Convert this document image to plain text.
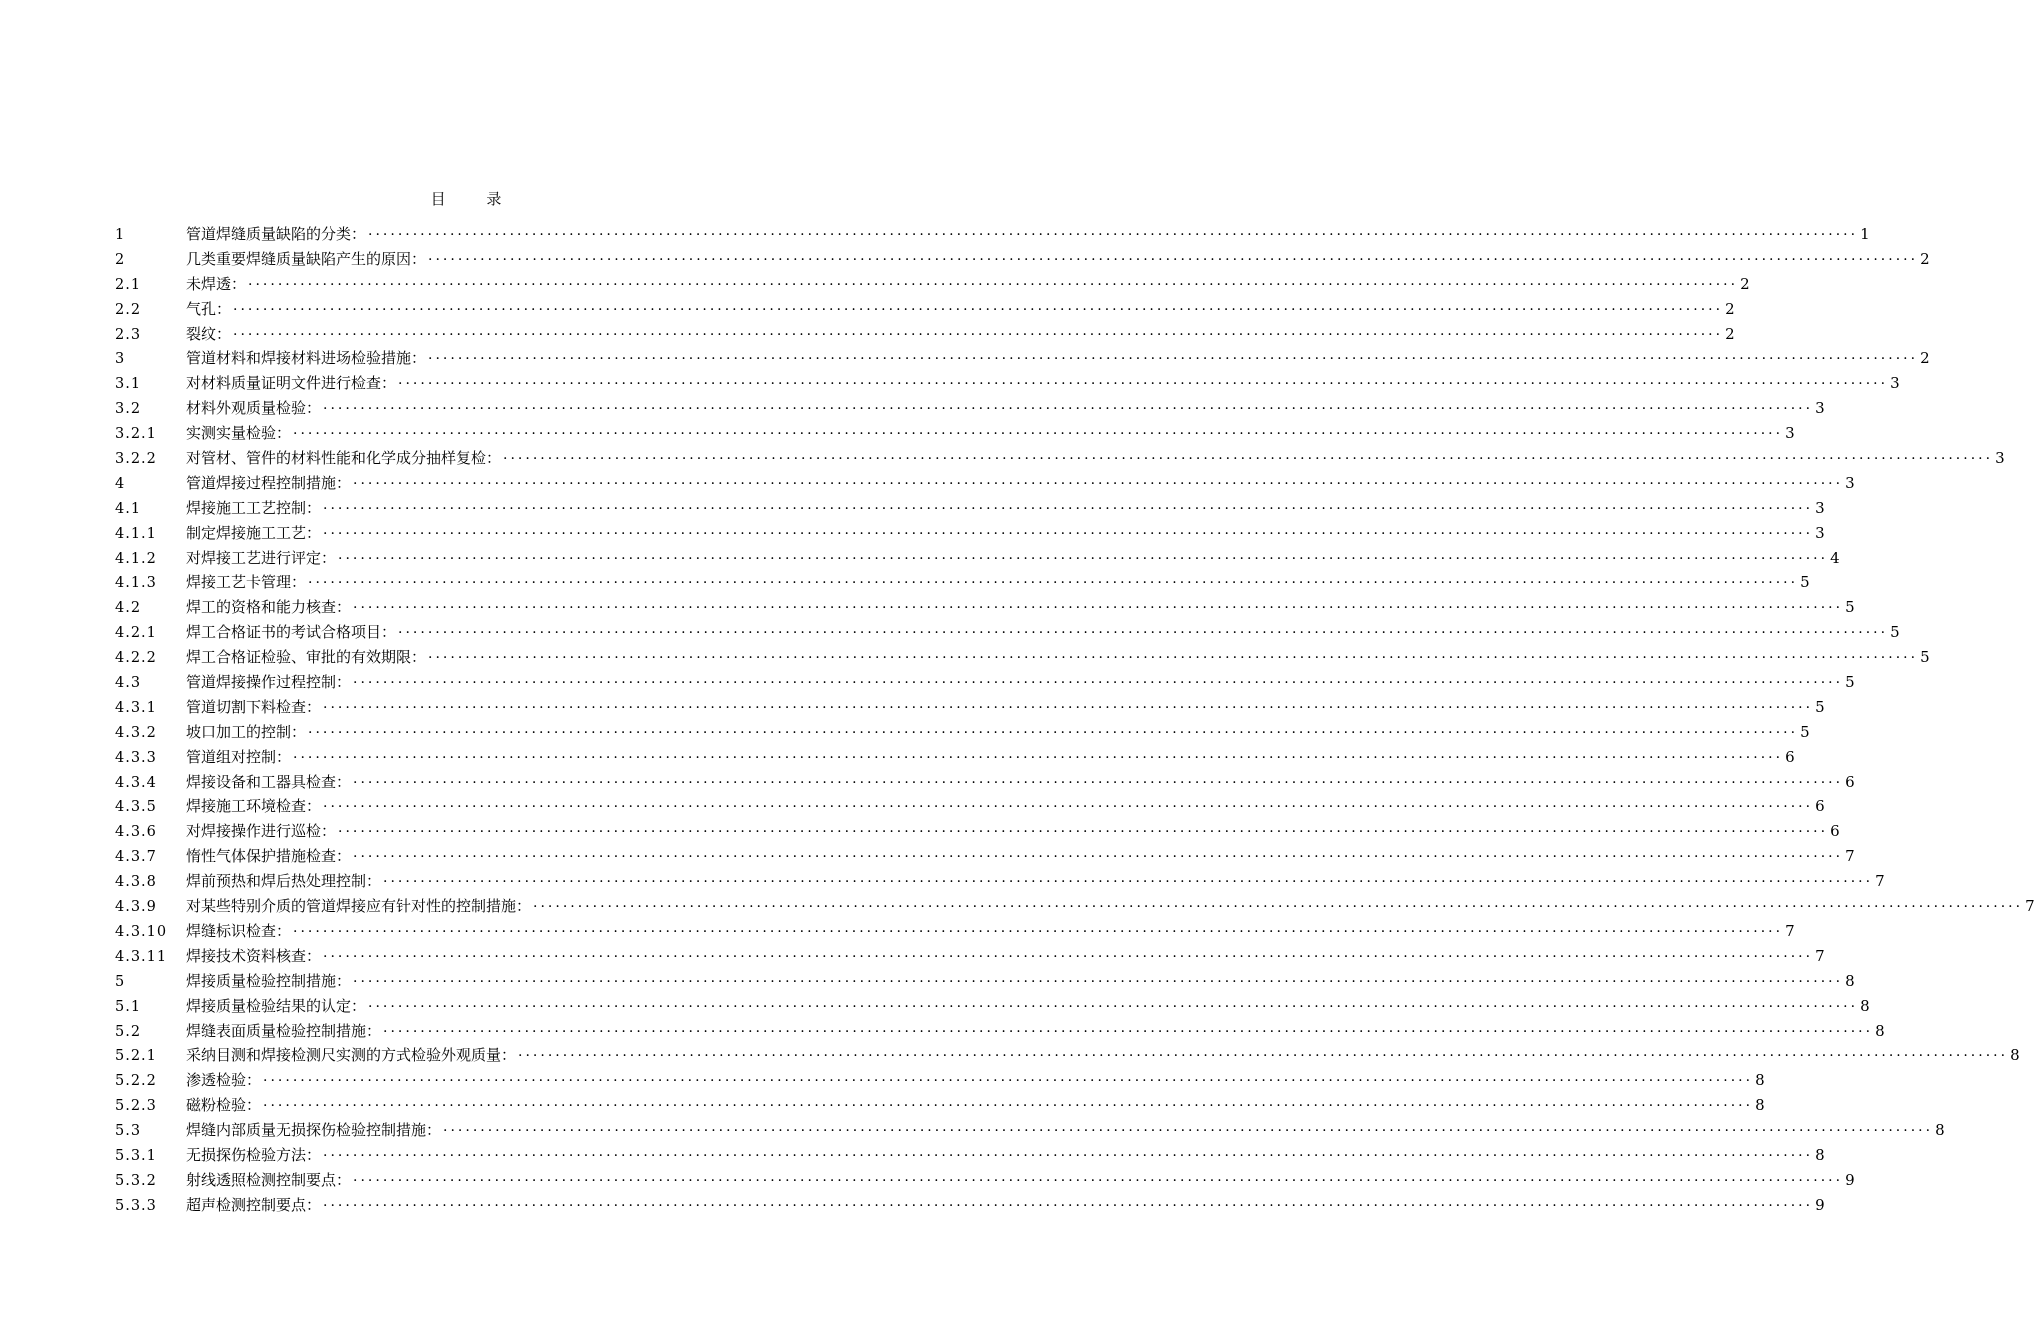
目 录
1	管道焊缝质量缺陷的分类： ········································································································································································································ 1
2	几类重要焊缝质量缺陷产生的原因： ········································································································································································································ 2
2.1	未焊透： ········································································································································································································ 2
2.2	气孔： ········································································································································································································ 2
2.3	裂纹： ········································································································································································································ 2
3	管道材料和焊接材料进场检验措施： ········································································································································································································ 2
3.1	对材料质量证明文件进行检查： ········································································································································································································ 3
3.2	材料外观质量检验： ········································································································································································································ 3
3.2.1	实测实量检验： ········································································································································································································ 3
3.2.2	对管材、管件的材料性能和化学成分抽样复检： ········································································································································································································ 3
4	管道焊接过程控制措施： ········································································································································································································ 3
4.1	焊接施工工艺控制： ········································································································································································································ 3
4.1.1	制定焊接施工工艺： ········································································································································································································ 3
4.1.2	对焊接工艺进行评定： ········································································································································································································ 4
4.1.3	焊接工艺卡管理： ········································································································································································································ 5
4.2	焊工的资格和能力核查： ········································································································································································································ 5
4.2.1	焊工合格证书的考试合格项目： ········································································································································································································ 5
4.2.2	焊工合格证检验、审批的有效期限： ········································································································································································································ 5
4.3	管道焊接操作过程控制： ········································································································································································································ 5
4.3.1	管道切割下料检查： ········································································································································································································ 5
4.3.2	坡口加工的控制： ········································································································································································································ 5
4.3.3	管道组对控制： ········································································································································································································ 6
4.3.4	焊接设备和工器具检查： ········································································································································································································ 6
4.3.5	焊接施工环境检查： ········································································································································································································ 6
4.3.6	对焊接操作进行巡检： ········································································································································································································ 6
4.3.7	惰性气体保护措施检查： ········································································································································································································ 7
4.3.8	焊前预热和焊后热处理控制： ········································································································································································································ 7
4.3.9	对某些特别介质的管道焊接应有针对性的控制措施： ········································································································································································································ 7
4.3.10	焊缝标识检查： ········································································································································································································ 7
4.3.11	焊接技术资料核查： ········································································································································································································ 7
5	焊接质量检验控制措施： ········································································································································································································ 8
5.1	焊接质量检验结果的认定： ········································································································································································································ 8
5.2	焊缝表面质量检验控制措施： ········································································································································································································ 8
5.2.1	采纳目测和焊接检测尺实测的方式检验外观质量： ········································································································································································································ 8
5.2.2	渗透检验： ········································································································································································································ 8
5.2.3	磁粉检验： ········································································································································································································ 8
5.3	焊缝内部质量无损探伤检验控制措施： ········································································································································································································ 8
5.3.1	无损探伤检验方法： ········································································································································································································ 8
5.3.2	射线透照检测控制要点： ········································································································································································································ 9
5.3.3	超声检测控制要点： ········································································································································································································ 9
